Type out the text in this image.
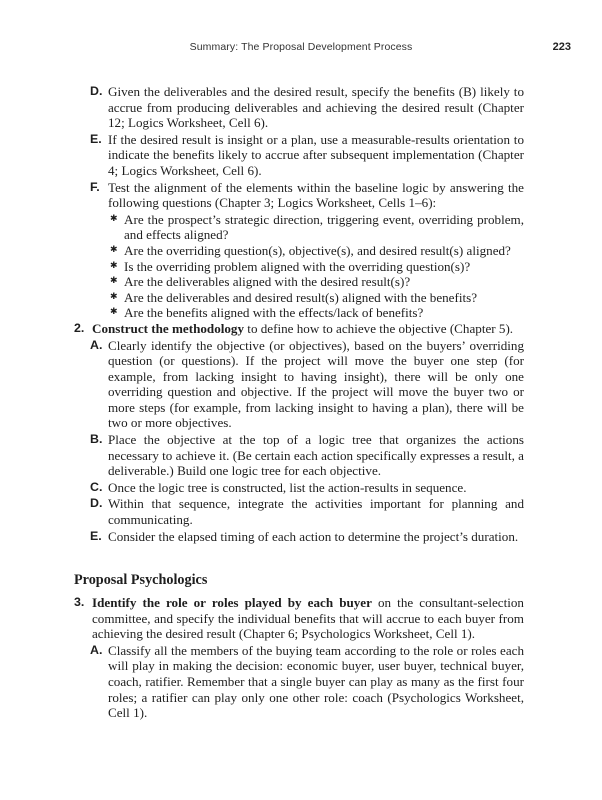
Summary: The Proposal Development Process	223
D. Given the deliverables and the desired result, specify the benefits (B) likely to accrue from producing deliverables and achieving the desired result (Chapter 12; Logics Worksheet, Cell 6).
E. If the desired result is insight or a plan, use a measurable-results orientation to indicate the benefits likely to accrue after subsequent implementation (Chapter 4; Logics Worksheet, Cell 6).
F. Test the alignment of the elements within the baseline logic by answering the following questions (Chapter 3; Logics Worksheet, Cells 1–6):
✱ Are the prospect’s strategic direction, triggering event, overriding problem, and effects aligned?
✱ Are the overriding question(s), objective(s), and desired result(s) aligned?
✱ Is the overriding problem aligned with the overriding question(s)?
✱ Are the deliverables aligned with the desired result(s)?
✱ Are the deliverables and desired result(s) aligned with the benefits?
✱ Are the benefits aligned with the effects/lack of benefits?
2. Construct the methodology to define how to achieve the objective (Chapter 5).
A. Clearly identify the objective (or objectives), based on the buyers’ overriding question (or questions). If the project will move the buyer one step (for example, from lacking insight to having insight), there will be only one overriding question and objective. If the project will move the buyer two or more steps (for example, from lacking insight to having a plan), there will be two or more objectives.
B. Place the objective at the top of a logic tree that organizes the actions necessary to achieve it. (Be certain each action specifically expresses a result, a deliverable.) Build one logic tree for each objective.
C. Once the logic tree is constructed, list the action-results in sequence.
D. Within that sequence, integrate the activities important for planning and communicating.
E. Consider the elapsed timing of each action to determine the project’s duration.
Proposal Psychologics
3. Identify the role or roles played by each buyer on the consultant-selection committee, and specify the individual benefits that will accrue to each buyer from achieving the desired result (Chapter 6; Psychologics Worksheet, Cell 1).
A. Classify all the members of the buying team according to the role or roles each will play in making the decision: economic buyer, user buyer, technical buyer, coach, ratifier. Remember that a single buyer can play as many as the first four roles; a ratifier can play only one other role: coach (Psychologics Worksheet, Cell 1).
